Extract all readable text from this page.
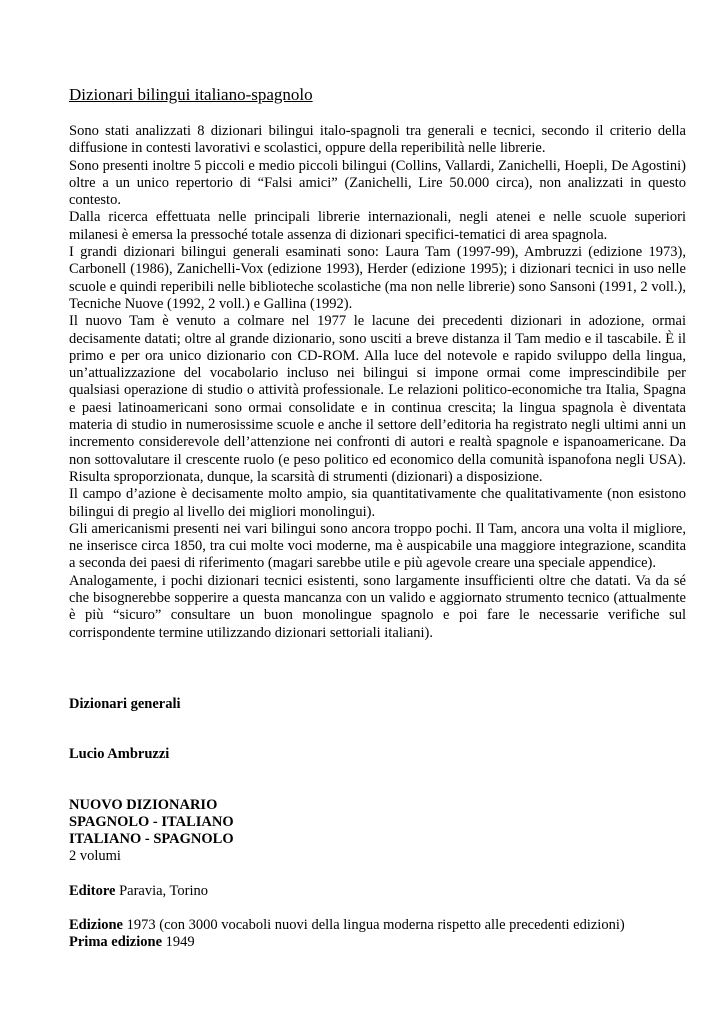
Dizionari bilingui italiano-spagnolo

Sono stati analizzati 8 dizionari bilingui italo-spagnoli tra generali e tecnici, secondo il criterio della diffusione in contesti lavorativi e scolastici, oppure della reperibilità nelle librerie.

Sono presenti inoltre 5 piccoli e medio piccoli bilingui (Collins, Vallardi, Zanichelli, Hoepli, De Agostini) oltre a un unico repertorio di “Falsi amici” (Zanichelli, Lire 50.000 circa), non analizzati in questo contesto.

Dalla ricerca effettuata nelle principali librerie internazionali, negli atenei e nelle scuole superiori milanesi è emersa la pressoché totale assenza di dizionari specifici-tematici di area spagnola.

I grandi dizionari bilingui generali esaminati sono: Laura Tam (1997-99), Ambruzzi (edizione 1973), Carbonell (1986), Zanichelli-Vox (edizione 1993), Herder (edizione 1995); i dizionari tecnici in uso nelle scuole e quindi reperibili nelle biblioteche scolastiche (ma non nelle librerie) sono Sansoni (1991, 2 voll.), Tecniche Nuove (1992, 2 voll.) e Gallina (1992).

Il nuovo Tam è venuto a colmare nel 1977 le lacune dei precedenti dizionari in adozione, ormai decisamente datati; oltre al grande dizionario, sono usciti a breve distanza il Tam medio e il tascabile. È il primo e per ora unico dizionario con CD-ROM. Alla luce del notevole e rapido sviluppo della lingua, un’attualizzazione del vocabolario incluso nei bilingui si impone ormai come imprescindibile per qualsiasi operazione di studio o attività professionale. Le relazioni politico-economiche tra Italia, Spagna e paesi latinoamericani sono ormai consolidate e in continua crescita; la lingua spagnola è diventata materia di studio in numerosissime scuole e anche il settore dell’editoria ha registrato negli ultimi anni un incremento considerevole dell’attenzione nei confronti di autori e realtà spagnole e ispanoamericane. Da non sottovalutare il crescente ruolo (e peso politico ed economico della comunità ispanofona negli USA). Risulta sproporzionata, dunque, la scarsità di strumenti (dizionari) a disposizione.

Il campo d’azione è decisamente molto ampio, sia quantitativamente che qualitativamente (non esistono bilingui di pregio al livello dei migliori monolingui).

Gli americanismi presenti nei vari bilingui sono ancora troppo pochi. Il Tam, ancora una volta il migliore, ne inserisce circa 1850, tra cui molte voci moderne, ma è auspicabile una maggiore integrazione, scandita a seconda dei paesi di riferimento (magari sarebbe utile e più agevole creare una speciale appendice).

Analogamente, i pochi dizionari tecnici esistenti, sono largamente insufficienti oltre che datati. Va da sé che bisognerebbe sopperire a questa mancanza con un valido e aggiornato strumento tecnico (attualmente è più “sicuro” consultare un buon monolingue spagnolo e poi fare le necessarie verifiche sul corrispondente termine utilizzando dizionari settoriali italiani).

Dizionari generali
Lucio Ambruzzi
NUOVO DIZIONARIO
SPAGNOLO - ITALIANO
ITALIANO - SPAGNOLO
2 volumi
Editore Paravia, Torino
Edizione 1973 (con 3000 vocaboli nuovi della lingua moderna rispetto alle precedenti edizioni)
Prima edizione 1949
